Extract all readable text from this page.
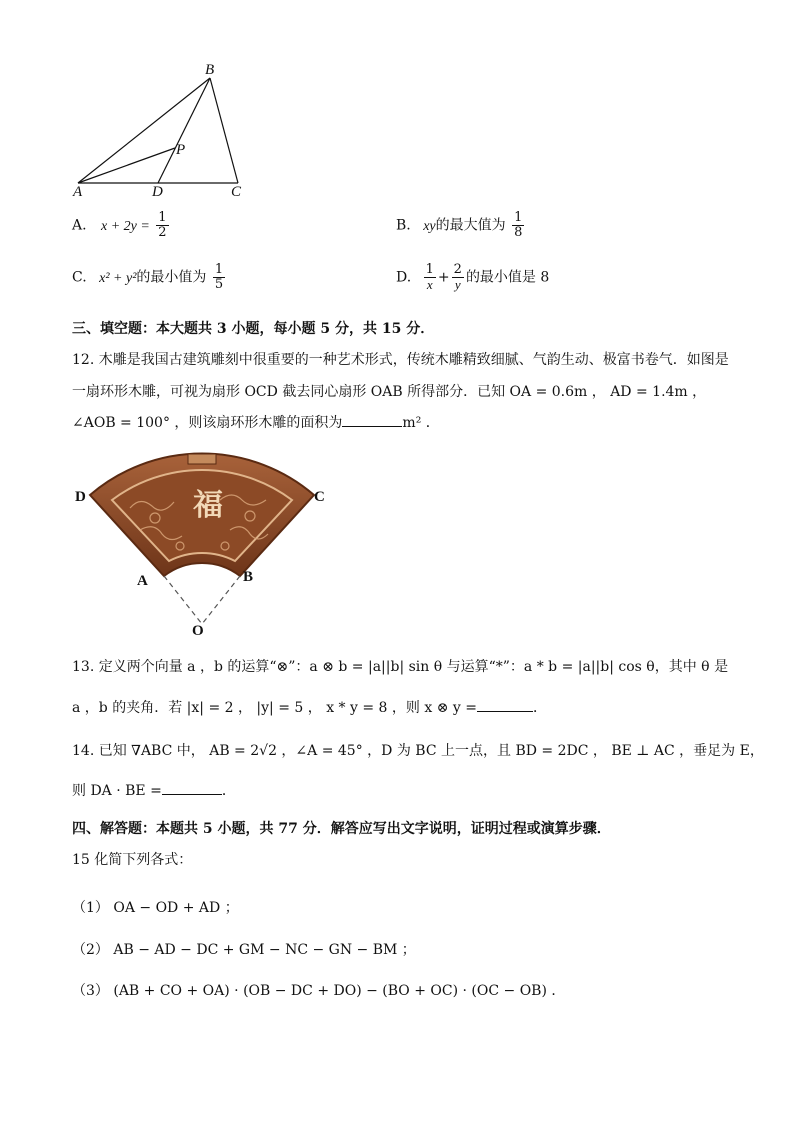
B
P
A	D	C
A. $x + 2y = \frac{1}{2}$	B. xy的最大值为 $\frac{1}{8}$
C. x² + y²的最小值为 $\frac{1}{5}$	D. $\frac{1}{x} + \frac{2}{y}$ 的最小值是 8
三、填空题：本大题共 3 小题，每小题 5 分，共 15 分．
12. 木雕是我国古建筑雕刻中很重要的一种艺术形式，传统木雕精致细腻、气韵生动、极富书卷气．如图是
一扇环形木雕，可视为扇形 OCD 截去同心扇形 OAB 所得部分．已知 OA = 0.6m ， AD = 1.4m ，
∠AOB = 100° ，则该扇环形木雕的面积为	m² ．
福
D	C
A	B
O
13. 定义两个向量 a ，b 的运算“⊗”：a ⊗ b = |a||b| sin θ 与运算“*”：a * b = |a||b| cos θ，其中 θ 是
a ，b 的夹角．若 |x| = 2 ， |y| = 5 ， x * y = 8 ，则 x ⊗ y =	．
14. 已知 ∇ABC 中， AB = 2√2 ，∠A = 45° ，D 为 BC 上一点，且 BD = 2DC ， BE ⊥ AC ，垂足为 E，
则 DA · BE =	．
四、解答题：本题共 5 小题，共 77 分．解答应写出文字说明，证明过程或演算步骤．
15 化简下列各式：
（1） OA − OD + AD ；
（2） AB − AD − DC + GM − NC − GN − BM ；
（3） (AB + CO + OA) · (OB − DC + DO) − (BO + OC) · (OC − OB) ．
